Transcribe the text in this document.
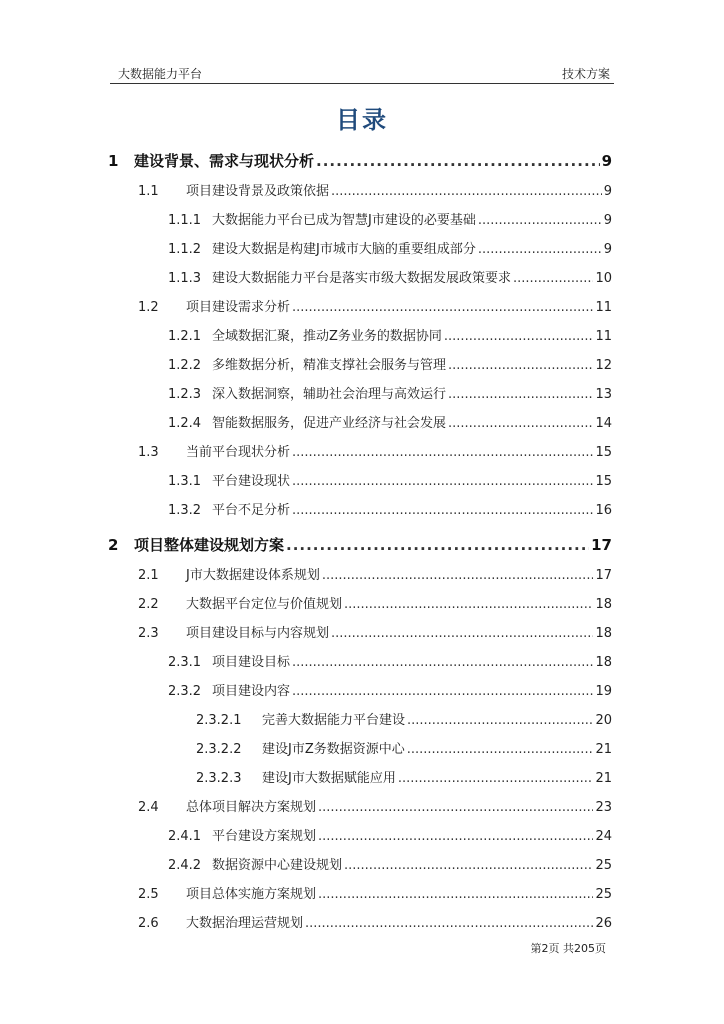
大数据能力平台	技术方案
目录
1	建设背景、需求与现状分析 .....	9
1.1	项目建设背景及政策依据 .....	9
1.1.1 大数据能力平台已成为智慧J市建设的必要基础 .....	9
1.1.2 建设大数据是构建J市城市大脑的重要组成部分 .....	9
1.1.3 建设大数据能力平台是落实市级大数据发展政策要求 .....	10
1.2	项目建设需求分析 .....	11
1.2.1 全域数据汇聚，推动Z务业务的数据协同 .....	11
1.2.2 多维数据分析，精准支撑社会服务与管理 .....	12
1.2.3 深入数据洞察，辅助社会治理与高效运行 .....	13
1.2.4 智能数据服务，促进产业经济与社会发展 .....	14
1.3	当前平台现状分析 .....	15
1.3.1 平台建设现状 .....	15
1.3.2 平台不足分析 .....	16
2	项目整体建设规划方案 .....	17
2.1	J市大数据建设体系规划 .....	17
2.2	大数据平台定位与价值规划 .....	18
2.3	项目建设目标与内容规划 .....	18
2.3.1 项目建设目标 .....	18
2.3.2 项目建设内容 .....	19
2.3.2.1	完善大数据能力平台建设 .....	20
2.3.2.2	建设J市Z务数据资源中心 .....	21
2.3.2.3	建设J市大数据赋能应用 .....	21
2.4	总体项目解决方案规划 .....	23
2.4.1 平台建设方案规划 .....	24
2.4.2 数据资源中心建设规划 .....	25
2.5	项目总体实施方案规划 .....	25
2.6	大数据治理运营规划 .....	26
第2页 共205页
